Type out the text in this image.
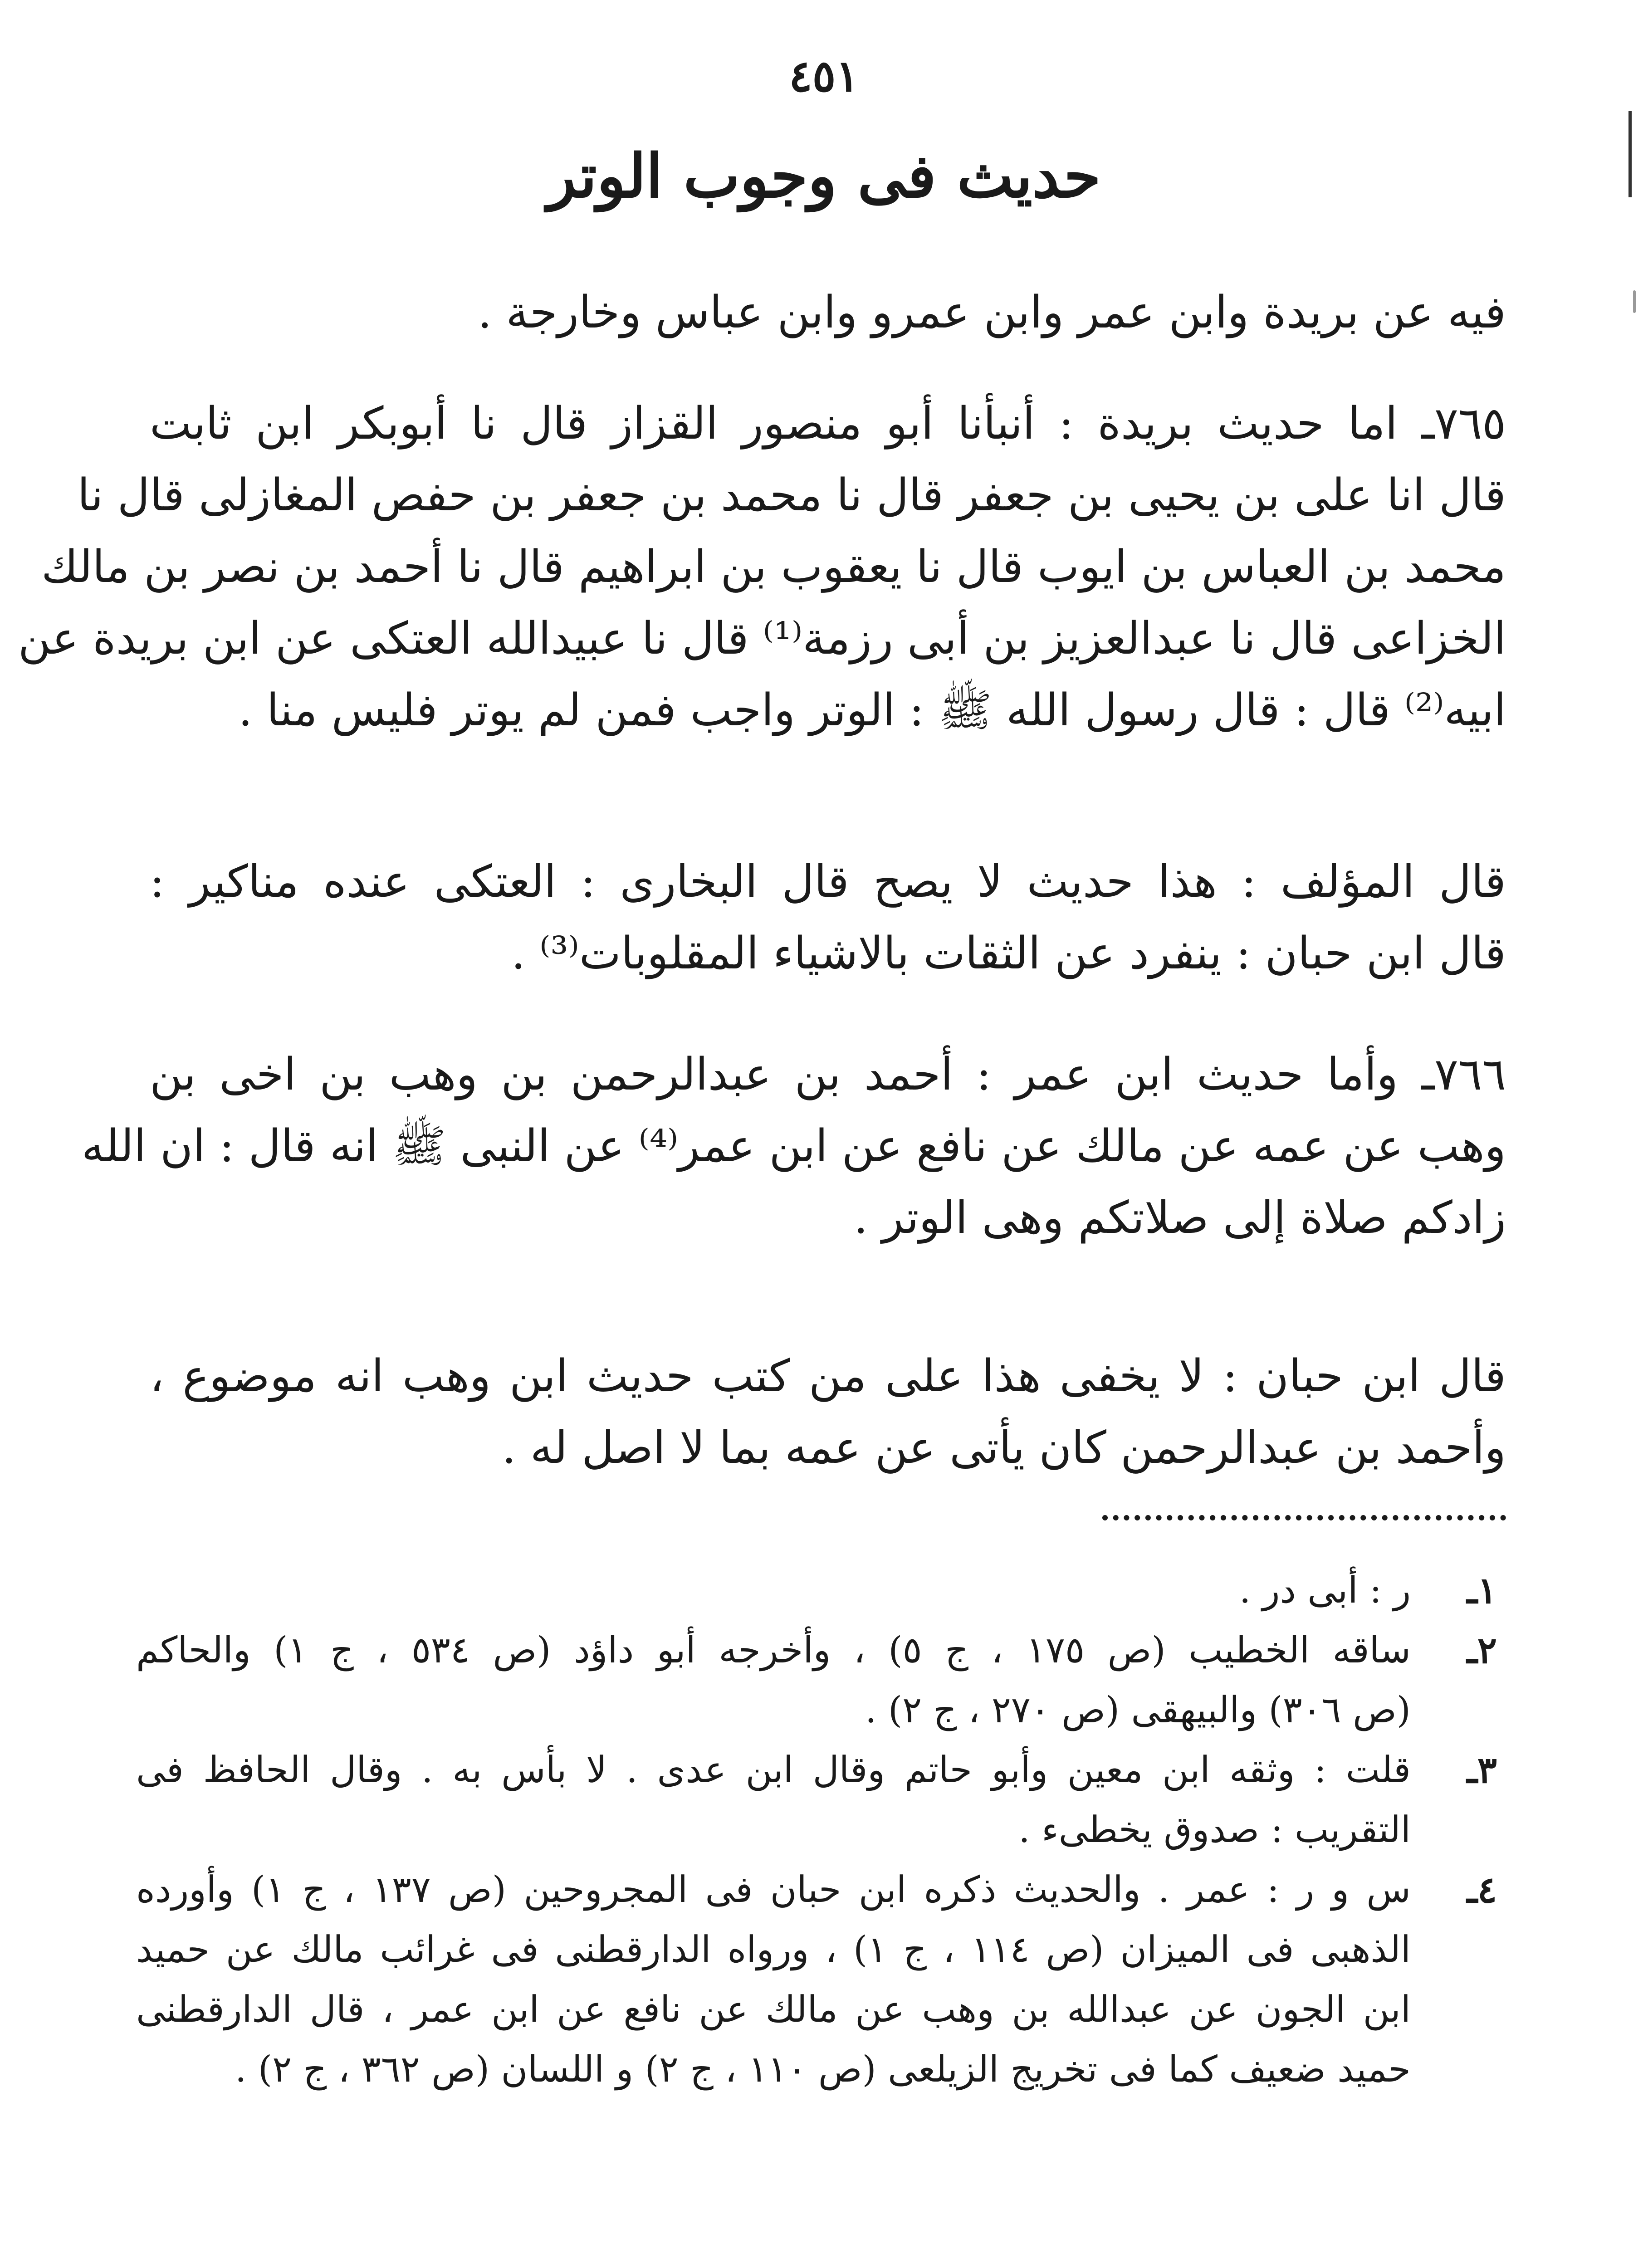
٤٥١
حديث فى وجوب الوتر
فيه عن بريدة وابن عمر وابن عمرو وابن عباس وخارجة .
٧٦٥ـ اما حديث بريدة : أنبأنا أبو منصور القزاز قال نا أبوبكر ابن ثابت
قال انا على بن يحيى بن جعفر قال نا محمد بن جعفر بن حفص المغازلى قال نا
محمد بن العباس بن ايوب قال نا يعقوب بن ابراهيم قال نا أحمد بن نصر بن مالك
الخزاعى قال نا عبدالعزيز بن أبى رزمة⁽¹⁾ قال نا عبيدالله العتكى عن ابن بريدة عن
ابيه⁽²⁾ قال : قال رسول الله ﷺ : الوتر واجب فمن لم يوتر فليس منا .
قال المؤلف : هذا حديث لا يصح قال البخارى : العتكى عنده مناكير :
قال ابن حبان : ينفرد عن الثقات بالاشياء المقلوبات⁽³⁾ .
٧٦٦ـ وأما حديث ابن عمر : أحمد بن عبدالرحمن بن وهب بن اخى بن
وهب عن عمه عن مالك عن نافع عن ابن عمر⁽⁴⁾ عن النبى ﷺ انه قال : ان الله
زادكم صلاة إلى صلاتكم وهى الوتر .
قال ابن حبان : لا يخفى هذا على من كتب حديث ابن وهب انه موضوع ،
وأحمد بن عبدالرحمن كان يأتى عن عمه بما لا اصل له .
١ـ
ر : أبى در .
٢ـ
ساقه الخطيب (ص ١٧٥ ، ج ٥) ، وأخرجه أبو داؤد (ص ٥٣٤ ، ج ١) والحاكم
(ص ٣٠٦) والبيهقى (ص ٢٧٠ ، ج ٢) .
٣ـ
قلت : وثقه ابن معين وأبو حاتم وقال ابن عدى . لا بأس به . وقال الحافظ فى
التقريب : صدوق يخطىء .
٤ـ
س و ر : عمر . والحديث ذكره ابن حبان فى المجروحين (ص ١٣٧ ، ج ١) وأورده
الذهبى فى الميزان (ص ١١٤ ، ج ١) ، ورواه الدارقطنى فى غرائب مالك عن حميد
ابن الجون عن عبدالله بن وهب عن مالك عن نافع عن ابن عمر ، قال الدارقطنى
حميد ضعيف كما فى تخريج الزيلعى (ص ١١٠ ، ج ٢) و اللسان (ص ٣٦٢ ، ج ٢) .
